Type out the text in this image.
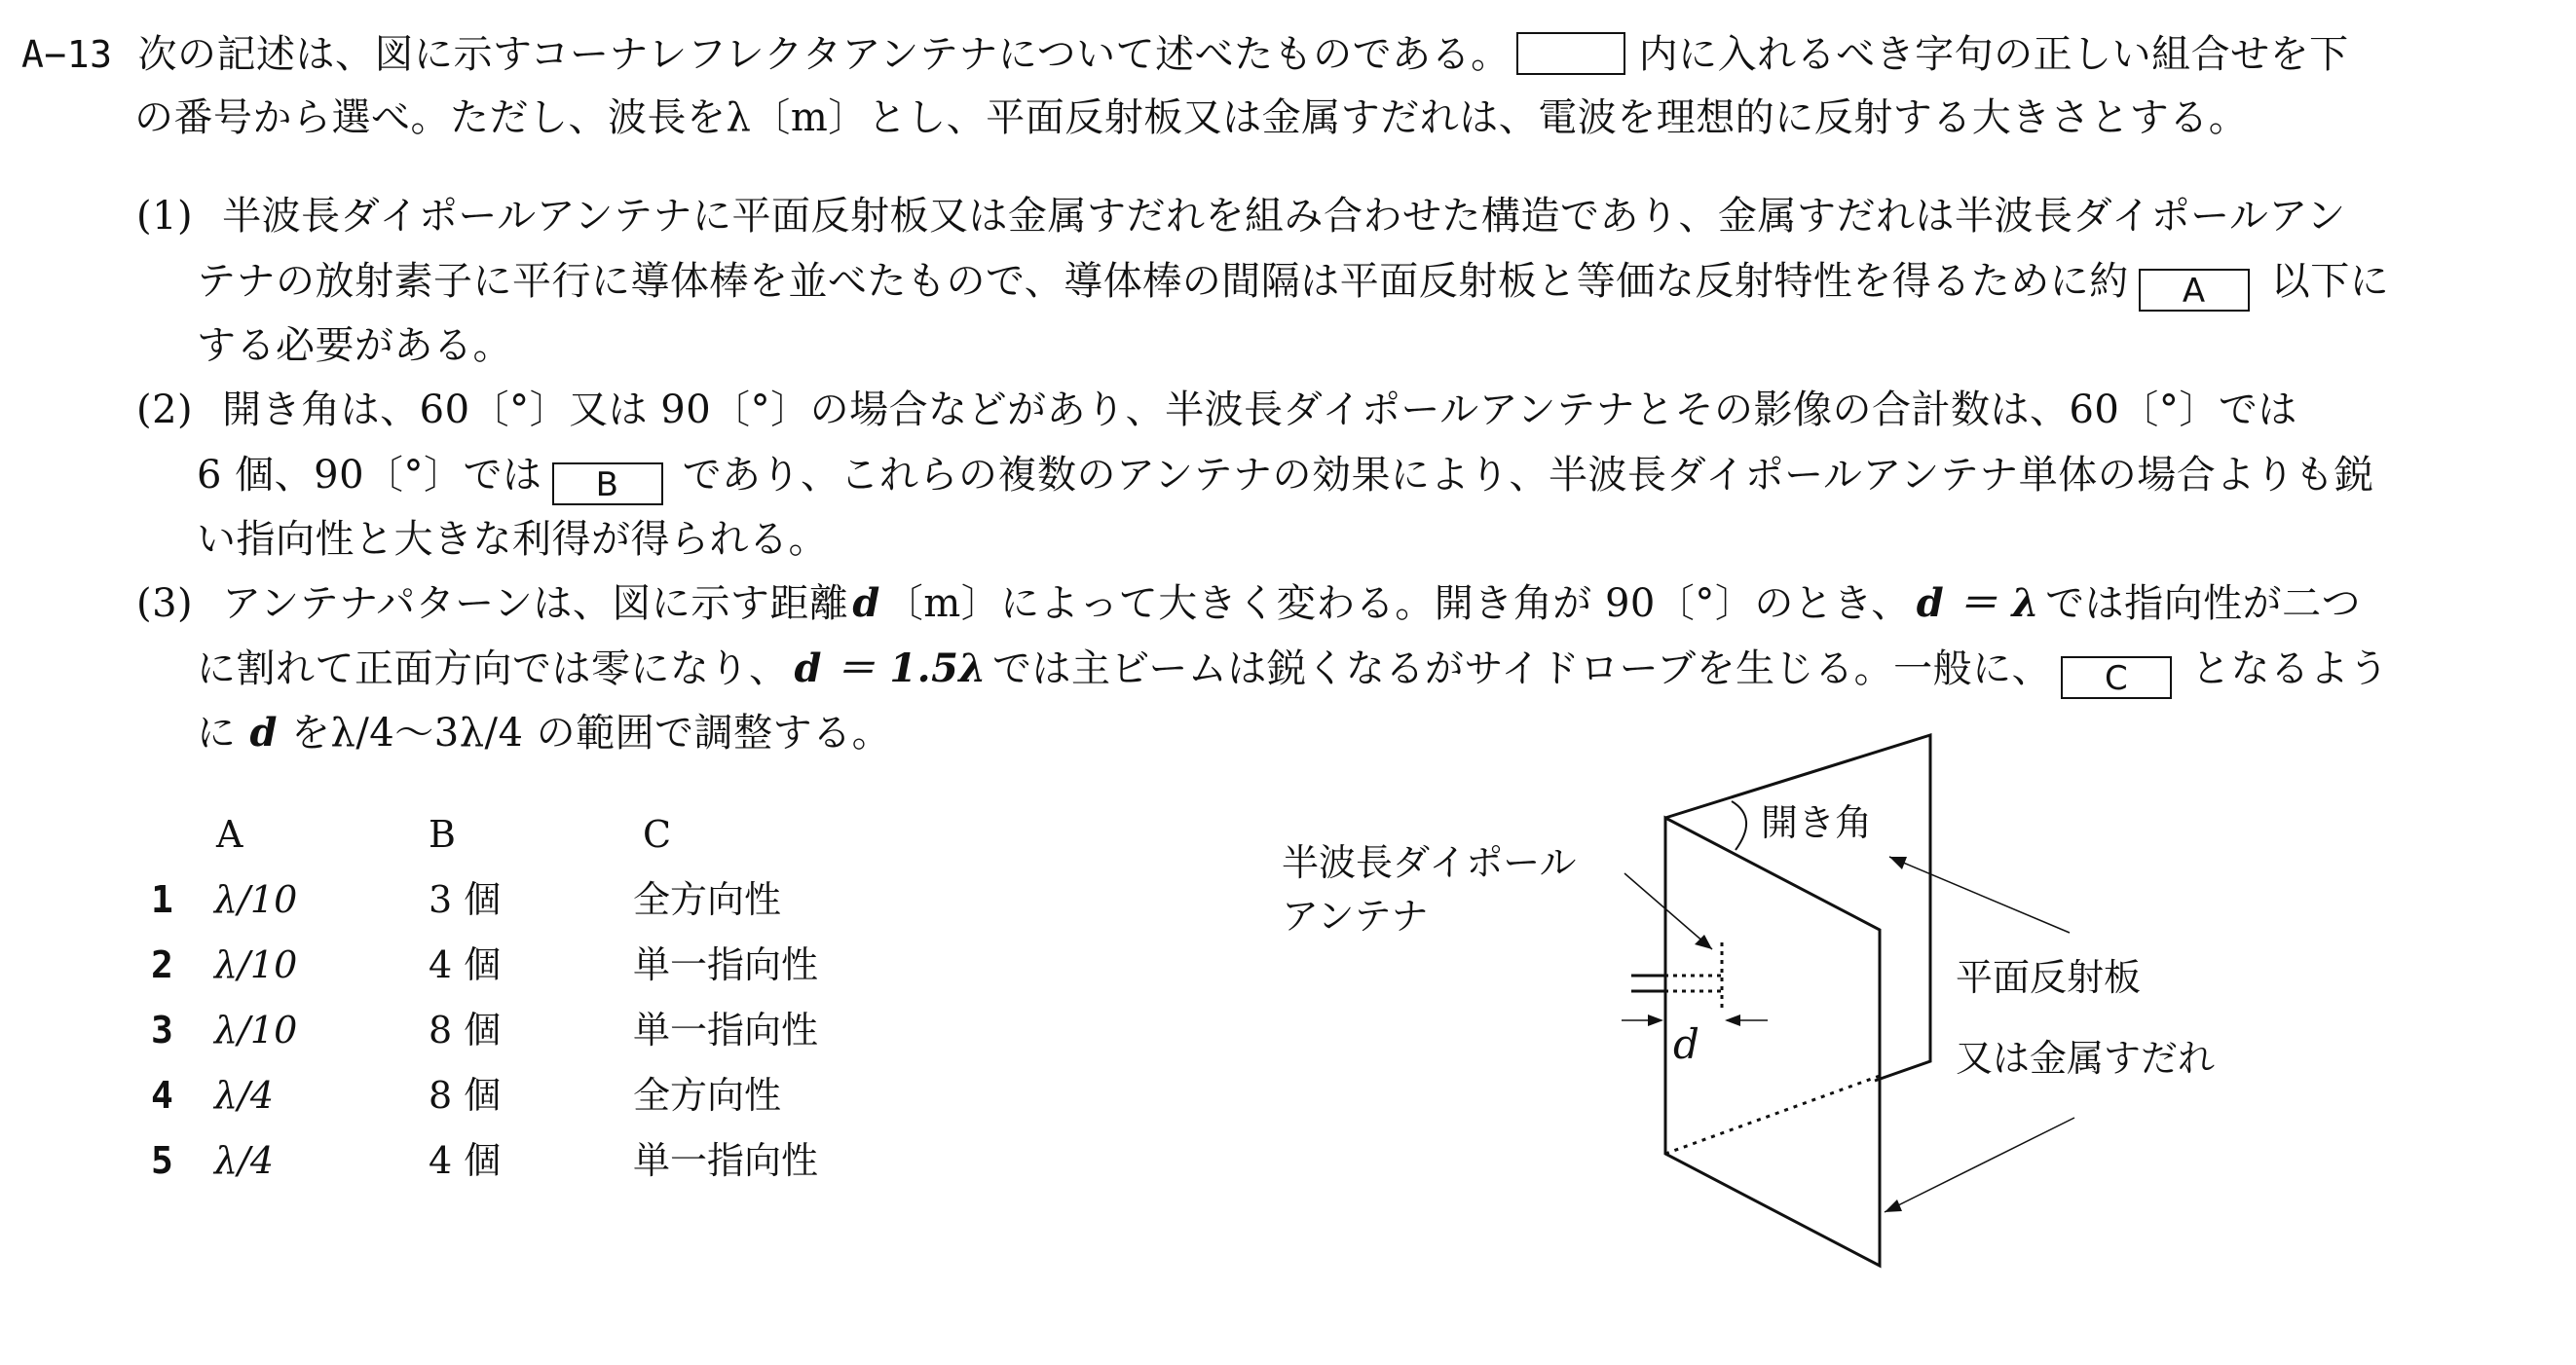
A−13 次の記述は、図に示すコーナレフレクタアンテナについて述べたものである。	内に入れるべき字句の正しい組合せを下
の番号から選べ。ただし、波長をλ〔m〕とし、平面反射板又は金属すだれは、電波を理想的に反射する大きさとする。
(1) 半波長ダイポールアンテナに平面反射板又は金属すだれを組み合わせた構造であり、金属すだれは半波長ダイポールアン
テナの放射素子に平行に導体棒を並べたもので、導体棒の間隔は平面反射板と等価な反射特性を得るために約 A 以下に
する必要がある。
(2) 開き角は、60〔°〕又は 90〔°〕の場合などがあり、半波長ダイポールアンテナとその影像の合計数は、60〔°〕では
6 個、90〔°〕では B であり、これらの複数のアンテナの効果により、半波長ダイポールアンテナ単体の場合よりも鋭
い指向性と大きな利得が得られる。
(3) アンテナパターンは、図に示す距離 d 〔m〕によって大きく変わる。開き角が 90〔°〕のとき、 d ＝ λ では指向性が二つ
に割れて正面方向では零になり、 d ＝ 1.5λ では主ビームは鋭くなるがサイドローブを生じる。一般に、 C となるよう
に d をλ/4～3λ/4 の範囲で調整する。
A	B	C
1 λ/10	3 個	全方向性
2 λ/10	4 個	単一指向性
3 λ/10	8 個	単一指向性
4 λ/4	8 個	全方向性
5 λ/4	4 個	単一指向性
開き角
半波長ダイポール
アンテナ
d
平面反射板
又は金属すだれ
